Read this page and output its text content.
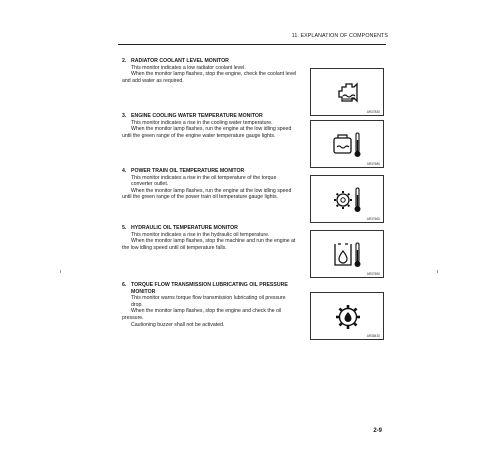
11. EXPLANATION OF COMPONENTS
2. RADIATOR COOLANT LEVEL MONITOR

This monitor indicates a low radiator coolant level.

When the monitor lamp flashes, stop the engine, check the coolant level and add water as required.

AR37830
3. ENGINE COOLING WATER TEMPERATURE MONITOR

This monitor indicates a rise in the cooling water temperature.

When the monitor lamp flashes, run the engine at the low idling speed until the green range of the engine water temperature gauge lights.

AR37680
4. POWER TRAIN OIL TEMPERATURE MONITOR

This monitor indicates a rise in the oil temperature of the torque converter outlet.

When the monitor lamp flashes, run the engine at the low idling speed until the green range of the power train oil temperature gauge lights.

AR37660
5. HYDRAULIC OIL TEMPERATURE MONITOR

This monitor indicates a rise in the hydraulic oil temperature.

When the monitor lamp flashes, stop the machine and run the engine at the low idling speed until oil temperature falls.

AR37650
6. TORQUE FLOW TRANSMISSION LUBRICATING OIL PRESSURE MONITOR

This monitor warns torque flow transmission lubricating oil pressure drop.

When the monitor lamp flashes, stop the engine and check the oil pressure.

Cautioning buzzer shall not be activated.

AR38430
2-9
